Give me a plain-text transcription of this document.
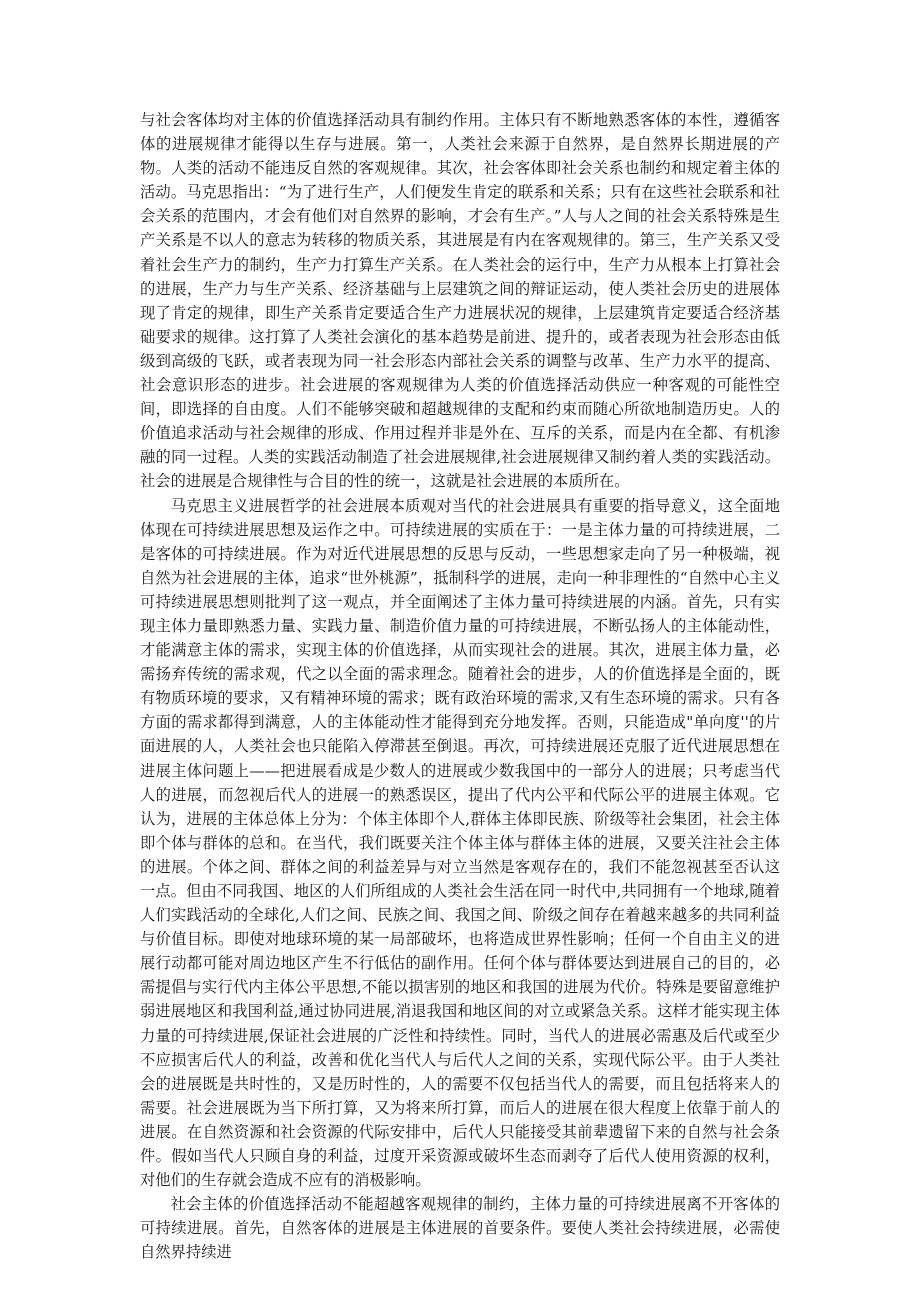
与社会客体均对主体的价值选择活动具有制约作用。主体只有不断地熟悉客体的本性，遵循客体的进展规律才能得以生存与进展。第一，人类社会来源于自然界，是自然界长期进展的产物。人类的活动不能违反自然的客观规律。其次，社会客体即社会关系也制约和规定着主体的活动。马克思指出：“为了进行生产，人们便发生肯定的联系和关系；只有在这些社会联系和社会关系的范围内，才会有他们对自然界的影响，才会有生产。”人与人之间的社会关系特殊是生产关系是不以人的意志为转移的物质关系，其进展是有内在客观规律的。第三，生产关系又受着社会生产力的制约，生产力打算生产关系。在人类社会的运行中，生产力从根本上打算社会的进展，生产力与生产关系、经济基础与上层建筑之间的辩证运动，使人类社会历史的进展体现了肯定的规律，即生产关系肯定要适合生产力进展状况的规律，上层建筑肯定要适合经济基础要求的规律。这打算了人类社会演化的基本趋势是前进、提升的，或者表现为社会形态由低级到高级的飞跃，或者表现为同一社会形态内部社会关系的调整与改革、生产力水平的提高、社会意识形态的进步。社会进展的客观规律为人类的价值选择活动供应一种客观的可能性空间，即选择的自由度。人们不能够突破和超越规律的支配和约束而随心所欲地制造历史。人的价值追求活动与社会规律的形成、作用过程并非是外在、互斥的关系，而是内在全都、有机渗融的同一过程。人类的实践活动制造了社会进展规律,社会进展规律又制约着人类的实践活动。社会的进展是合规律性与合目的性的统一，这就是社会进展的本质所在。

马克思主义进展哲学的社会进展本质观对当代的社会进展具有重要的指导意义，这全面地体现在可持续进展思想及运作之中。可持续进展的实质在于：一是主体力量的可持续进展，二是客体的可持续进展。作为对近代进展思想的反思与反动，一些思想家走向了另一种极端，视自然为社会进展的主体，追求“世外桃源”，抵制科学的进展，走向一种非理性的“自然中心主义可持续进展思想则批判了这一观点，并全面阐述了主体力量可持续进展的内涵。首先，只有实现主体力量即熟悉力量、实践力量、制造价值力量的可持续进展，不断弘扬人的主体能动性，才能满意主体的需求，实现主体的价值选择，从而实现社会的进展。其次，进展主体力量，必需扬弃传统的需求观，代之以全面的需求理念。随着社会的进步，人的价值选择是全面的，既有物质环境的要求，又有精神环境的需求；既有政治环境的需求,又有生态环境的需求。只有各方面的需求都得到满意，人的主体能动性才能得到充分地发挥。否则，只能造成"单向度''的片面进展的人，人类社会也只能陷入停滞甚至倒退。再次，可持续进展还克服了近代进展思想在进展主体问题上——把进展看成是少数人的进展或少数我国中的一部分人的进展；只考虑当代人的进展，而忽视后代人的进展一的熟悉误区，提出了代内公平和代际公平的进展主体观。它认为，进展的主体总体上分为：个体主体即个人,群体主体即民族、阶级等社会集团，社会主体即个体与群体的总和。在当代，我们既要关注个体主体与群体主体的进展，又要关注社会主体的进展。个体之间、群体之间的利益差异与对立当然是客观存在的，我们不能忽视甚至否认这一点。但由不同我国、地区的人们所组成的人类社会生活在同一时代中,共同拥有一个地球,随着人们实践活动的全球化,人们之间、民族之间、我国之间、阶级之间存在着越来越多的共同利益与价值目标。即使对地球环境的某一局部破坏，也将造成世界性影响；任何一个自由主义的进展行动都可能对周边地区产生不行低估的副作用。任何个体与群体要达到进展自己的目的，必需提倡与实行代内主体公平思想,不能以损害别的地区和我国的进展为代价。特殊是要留意维护弱进展地区和我国利益,通过协同进展,消退我国和地区间的对立或紧急关系。这样才能实现主体力量的可持续进展,保证社会进展的广泛性和持续性。同时，当代人的进展必需惠及后代或至少不应损害后代人的利益，改善和优化当代人与后代人之间的关系，实现代际公平。由于人类社会的进展既是共时性的，又是历时性的，人的需要不仅包括当代人的需要，而且包括将来人的需要。社会进展既为当下所打算，又为将来所打算，而后人的进展在很大程度上依靠于前人的进展。在自然资源和社会资源的代际安排中，后代人只能接受其前辈遗留下来的自然与社会条件。假如当代人只顾自身的利益，过度开采资源或破坏生态而剥夺了后代人使用资源的权利，对他们的生存就会造成不应有的消极影响。

社会主体的价值选择活动不能超越客观规律的制约，主体力量的可持续进展离不开客体的可持续进展。首先，自然客体的进展是主体进展的首要条件。要使人类社会持续进展，必需使自然界持续进
